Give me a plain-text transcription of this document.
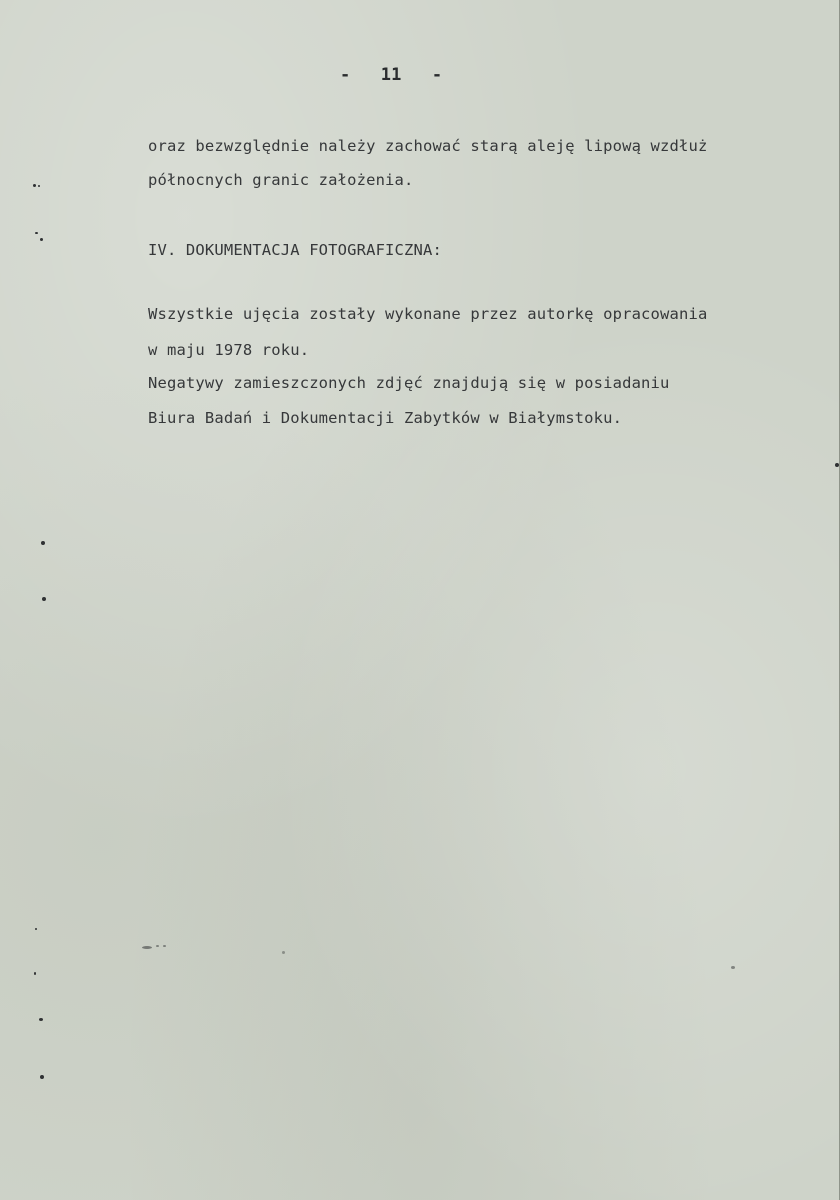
- 11 -
oraz bezwzględnie należy zachować starą aleję lipową wzdłuż
północnych granic założenia.
IV. DOKUMENTACJA FOTOGRAFICZNA:
Wszystkie ujęcia zostały wykonane przez autorkę opracowania
w maju 1978 roku.
Negatywy zamieszczonych zdjęć znajdują się w posiadaniu
Biura Badań i Dokumentacji Zabytków w Białymstoku.
